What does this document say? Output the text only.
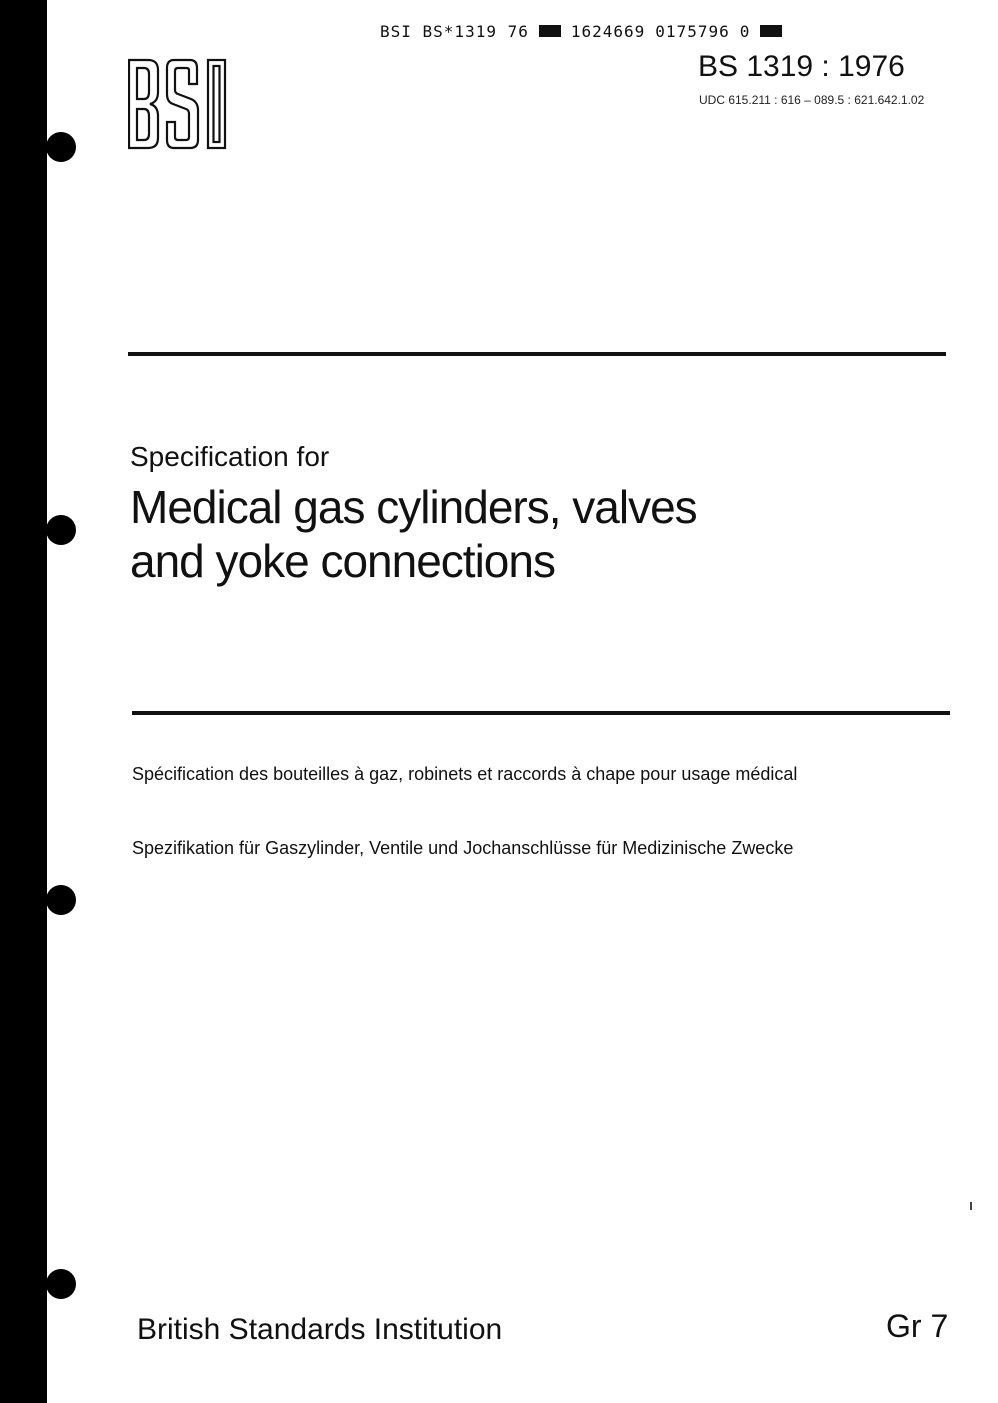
BSI BS*1319 76	1624669 0175796 0
BS 1319 : 1976
UDC 615.211 : 616 – 089.5 : 621.642.1.02
Specification for
Medical gas cylinders, valves
and yoke connections

Spécification des bouteilles à gaz, robinets et raccords à chape pour usage médical

Spezifikation für Gaszylinder, Ventile und Jochanschlüsse für Medizinische Zwecke

British Standards Institution	Gr 7
